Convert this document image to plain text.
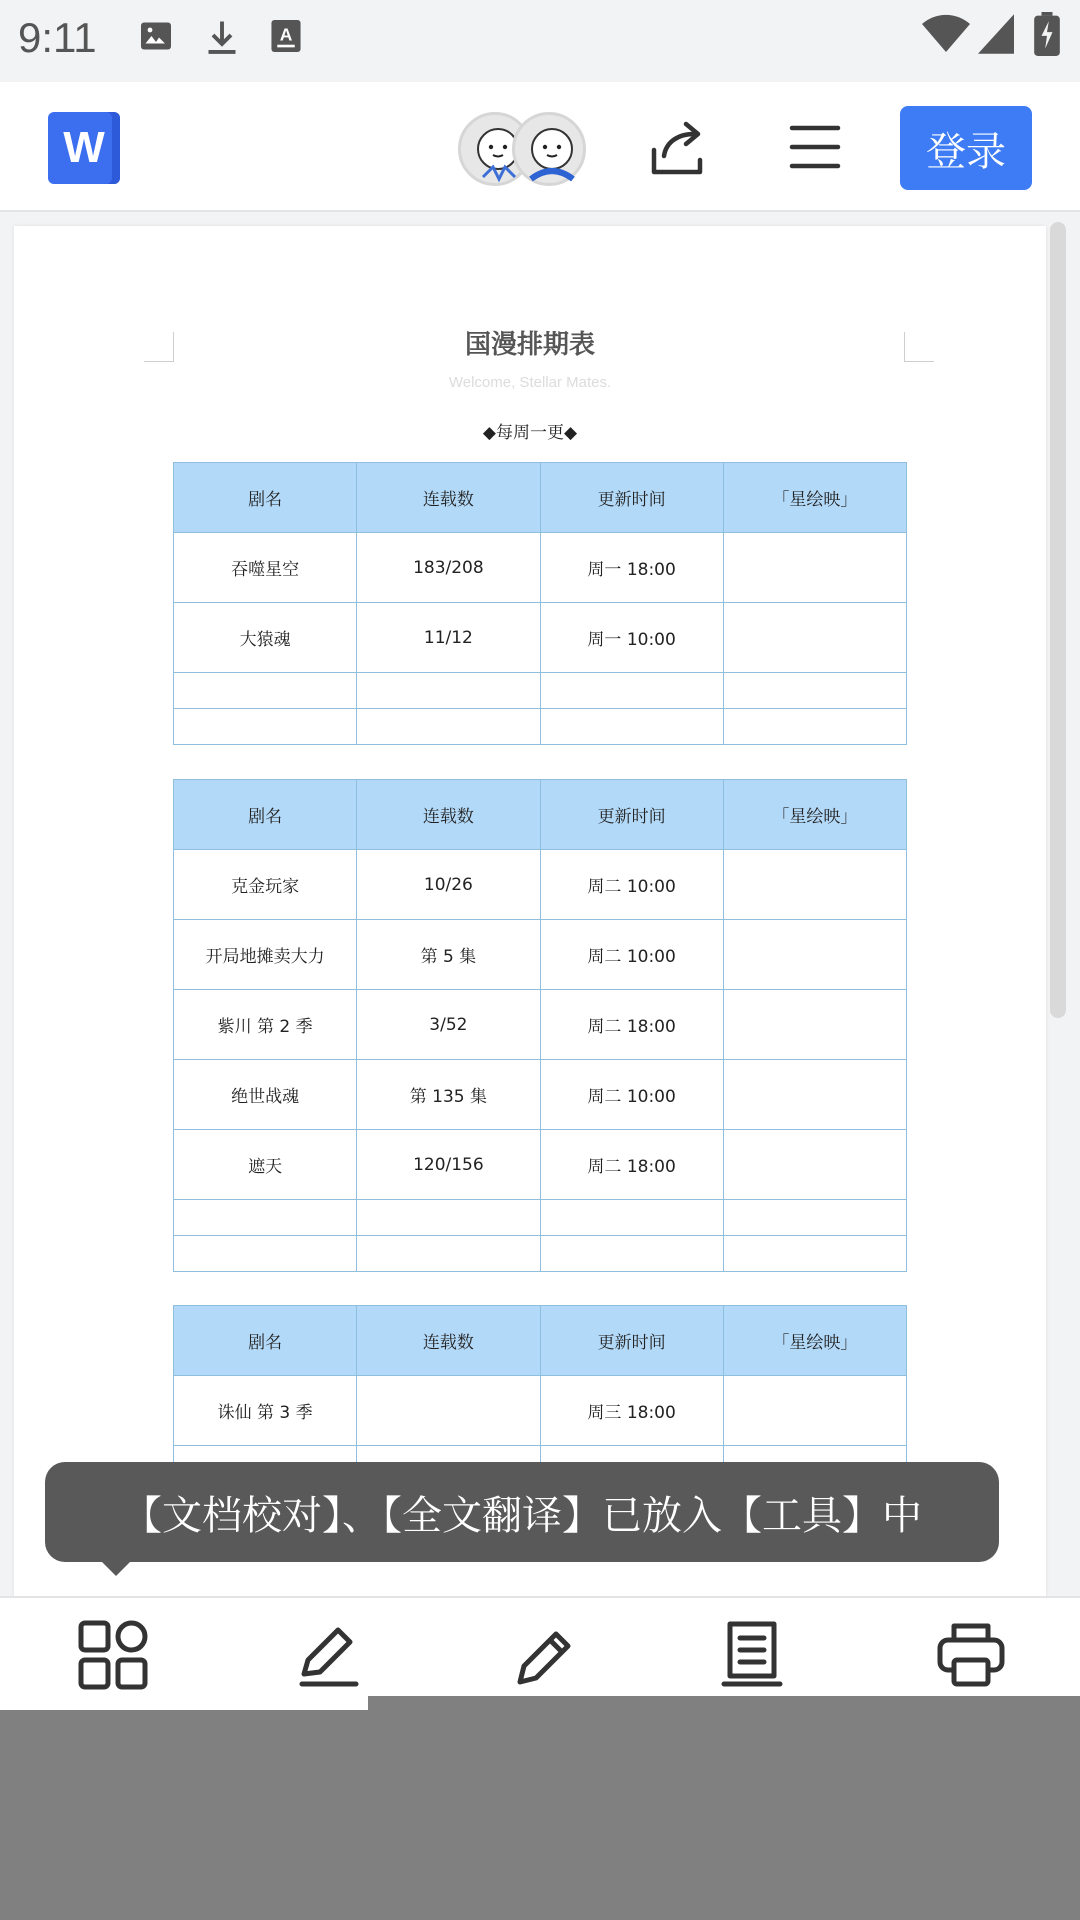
9:11	A
W	登录
国漫排期表
Welcome, Stellar Mates.
◆每周一更◆
剧名	连载数	更新时间	「星绘映」
吞噬星空	183/208	周一 18:00	
大猿魂	11/12	周一 10:00	

剧名	连载数	更新时间	「星绘映」
克金玩家	10/26	周二 10:00	
开局地摊卖大力	第 5 集	周二 10:00	
紫川 第 2 季	3/52	周二 18:00	
绝世战魂	第 135 集	周二 10:00	
遮天	120/156	周二 18:00	

剧名	连载数	更新时间	「星绘映」
诛仙 第 3 季		周三 18:00	

【文档校对】、【全文翻译】已放入【工具】中
